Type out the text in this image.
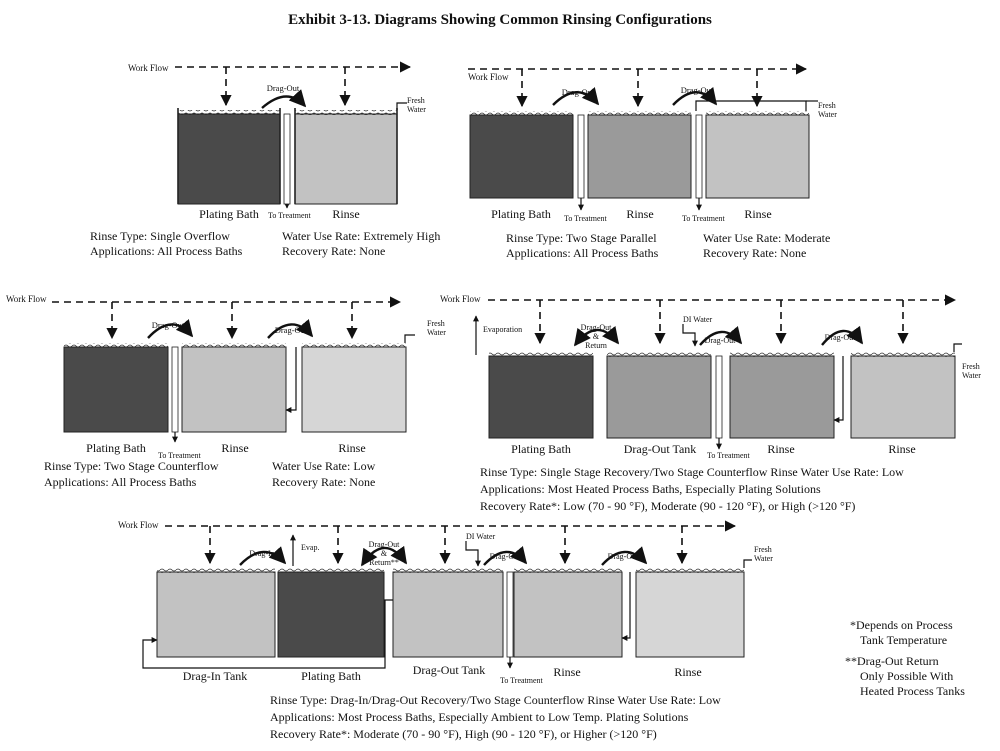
Exhibit 3-13. Diagrams Showing Common Rinsing Configurations
Work Flow
Drag-Out
Fresh
Water
Plating Bath To Treatment Rinse
Rinse Type: Single Overflow
Applications: All Process Baths
Water Use Rate: Extremely High
Recovery Rate: None
Work Flow
Drag-Out	Drag-Out
Fresh
Water
Plating Bath To Treatment Rinse	To Treatment Rinse
Rinse Type: Two Stage Parallel
Applications: All Process Baths
Water Use Rate: Moderate
Recovery Rate: None
Work Flow
Drag-Out	Drag-Out
Fresh
Water
Plating Bath
To Treatment
Rinse	Rinse
Rinse Type: Two Stage Counterflow
Applications: All Process Baths
Water Use Rate: Low
Recovery Rate: None
Work Flow
Evaporation	Drag-Out
&
Return
DI Water
Drag-Out	Drag-Out
Fresh
Water
Plating Bath	Drag-Out Tank To Treatment Rinse	Rinse
Rinse Type: Single Stage Recovery/Two Stage Counterflow Rinse Water Use Rate: Low
Applications: Most Heated Process Baths, Especially Plating Solutions
Recovery Rate*: Low (70 - 90 °F), Moderate (90 - 120 °F), or High (>120 °F)
Work Flow
Drag-In
Evap.	Drag-Out
&
Return**
DI Water
Drag-Out	Drag-Out
Fresh
Water
Drag-In Tank	Plating Bath	Drag-Out Tank
To Treatment
Rinse	Rinse
Rinse Type: Drag-In/Drag-Out Recovery/Two Stage Counterflow Rinse Water Use Rate: Low
Applications: Most Process Baths, Especially Ambient to Low Temp. Plating Solutions
Recovery Rate*: Moderate (70 - 90 °F), High (90 - 120 °F), or Higher (>120 °F)
*Depends on Process
Tank Temperature
**Drag-Out Return
Only Possible With
Heated Process Tanks
